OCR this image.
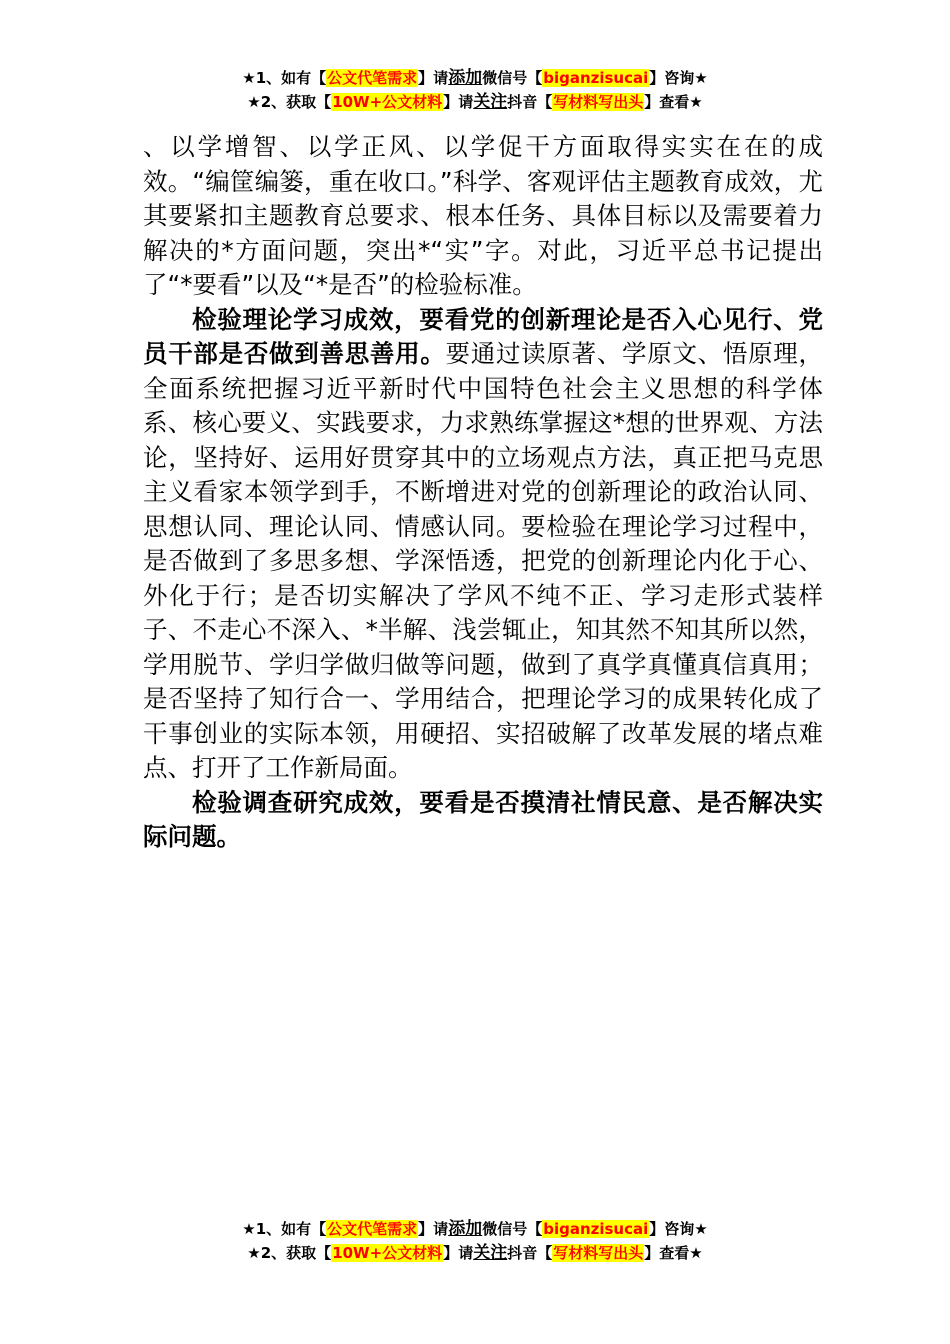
★1、如有【公文代笔需求】请添加微信号【biganzisucai】咨询★
★2、获取【10W+公文材料】请关注抖音【写材料写出头】查看★

、以学增智、以学正风、以学促干方面取得实实在在的成效。“编筐编篓，重在收口。”科学、客观评估主题教育成效，尤其要紧扣主题教育总要求、根本任务、具体目标以及需要着力解决的*方面问题，突出*“实”字。对此，习近平总书记提出了“*要看”以及“*是否”的检验标准。

检验理论学习成效，要看党的创新理论是否入心见行、党员干部是否做到善思善用。要通过读原著、学原文、悟原理，全面系统把握习近平新时代中国特色社会主义思想的科学体系、核心要义、实践要求，力求熟练掌握这*想的世界观、方法论，坚持好、运用好贯穿其中的立场观点方法，真正把马克思主义看家本领学到手，不断增进对党的创新理论的政治认同、思想认同、理论认同、情感认同。要检验在理论学习过程中，是否做到了多思多想、学深悟透，把党的创新理论内化于心、外化于行；是否切实解决了学风不纯不正、学习走形式装样子、不走心不深入、*半解、浅尝辄止，知其然不知其所以然，学用脱节、学归学做归做等问题，做到了真学真懂真信真用；是否坚持了知行合一、学用结合，把理论学习的成果转化成了干事创业的实际本领，用硬招、实招破解了改革发展的堵点难点、打开了工作新局面。

检验调查研究成效，要看是否摸清社情民意、是否解决实际问题。

★1、如有【公文代笔需求】请添加微信号【biganzisucai】咨询★
★2、获取【10W+公文材料】请关注抖音【写材料写出头】查看★
